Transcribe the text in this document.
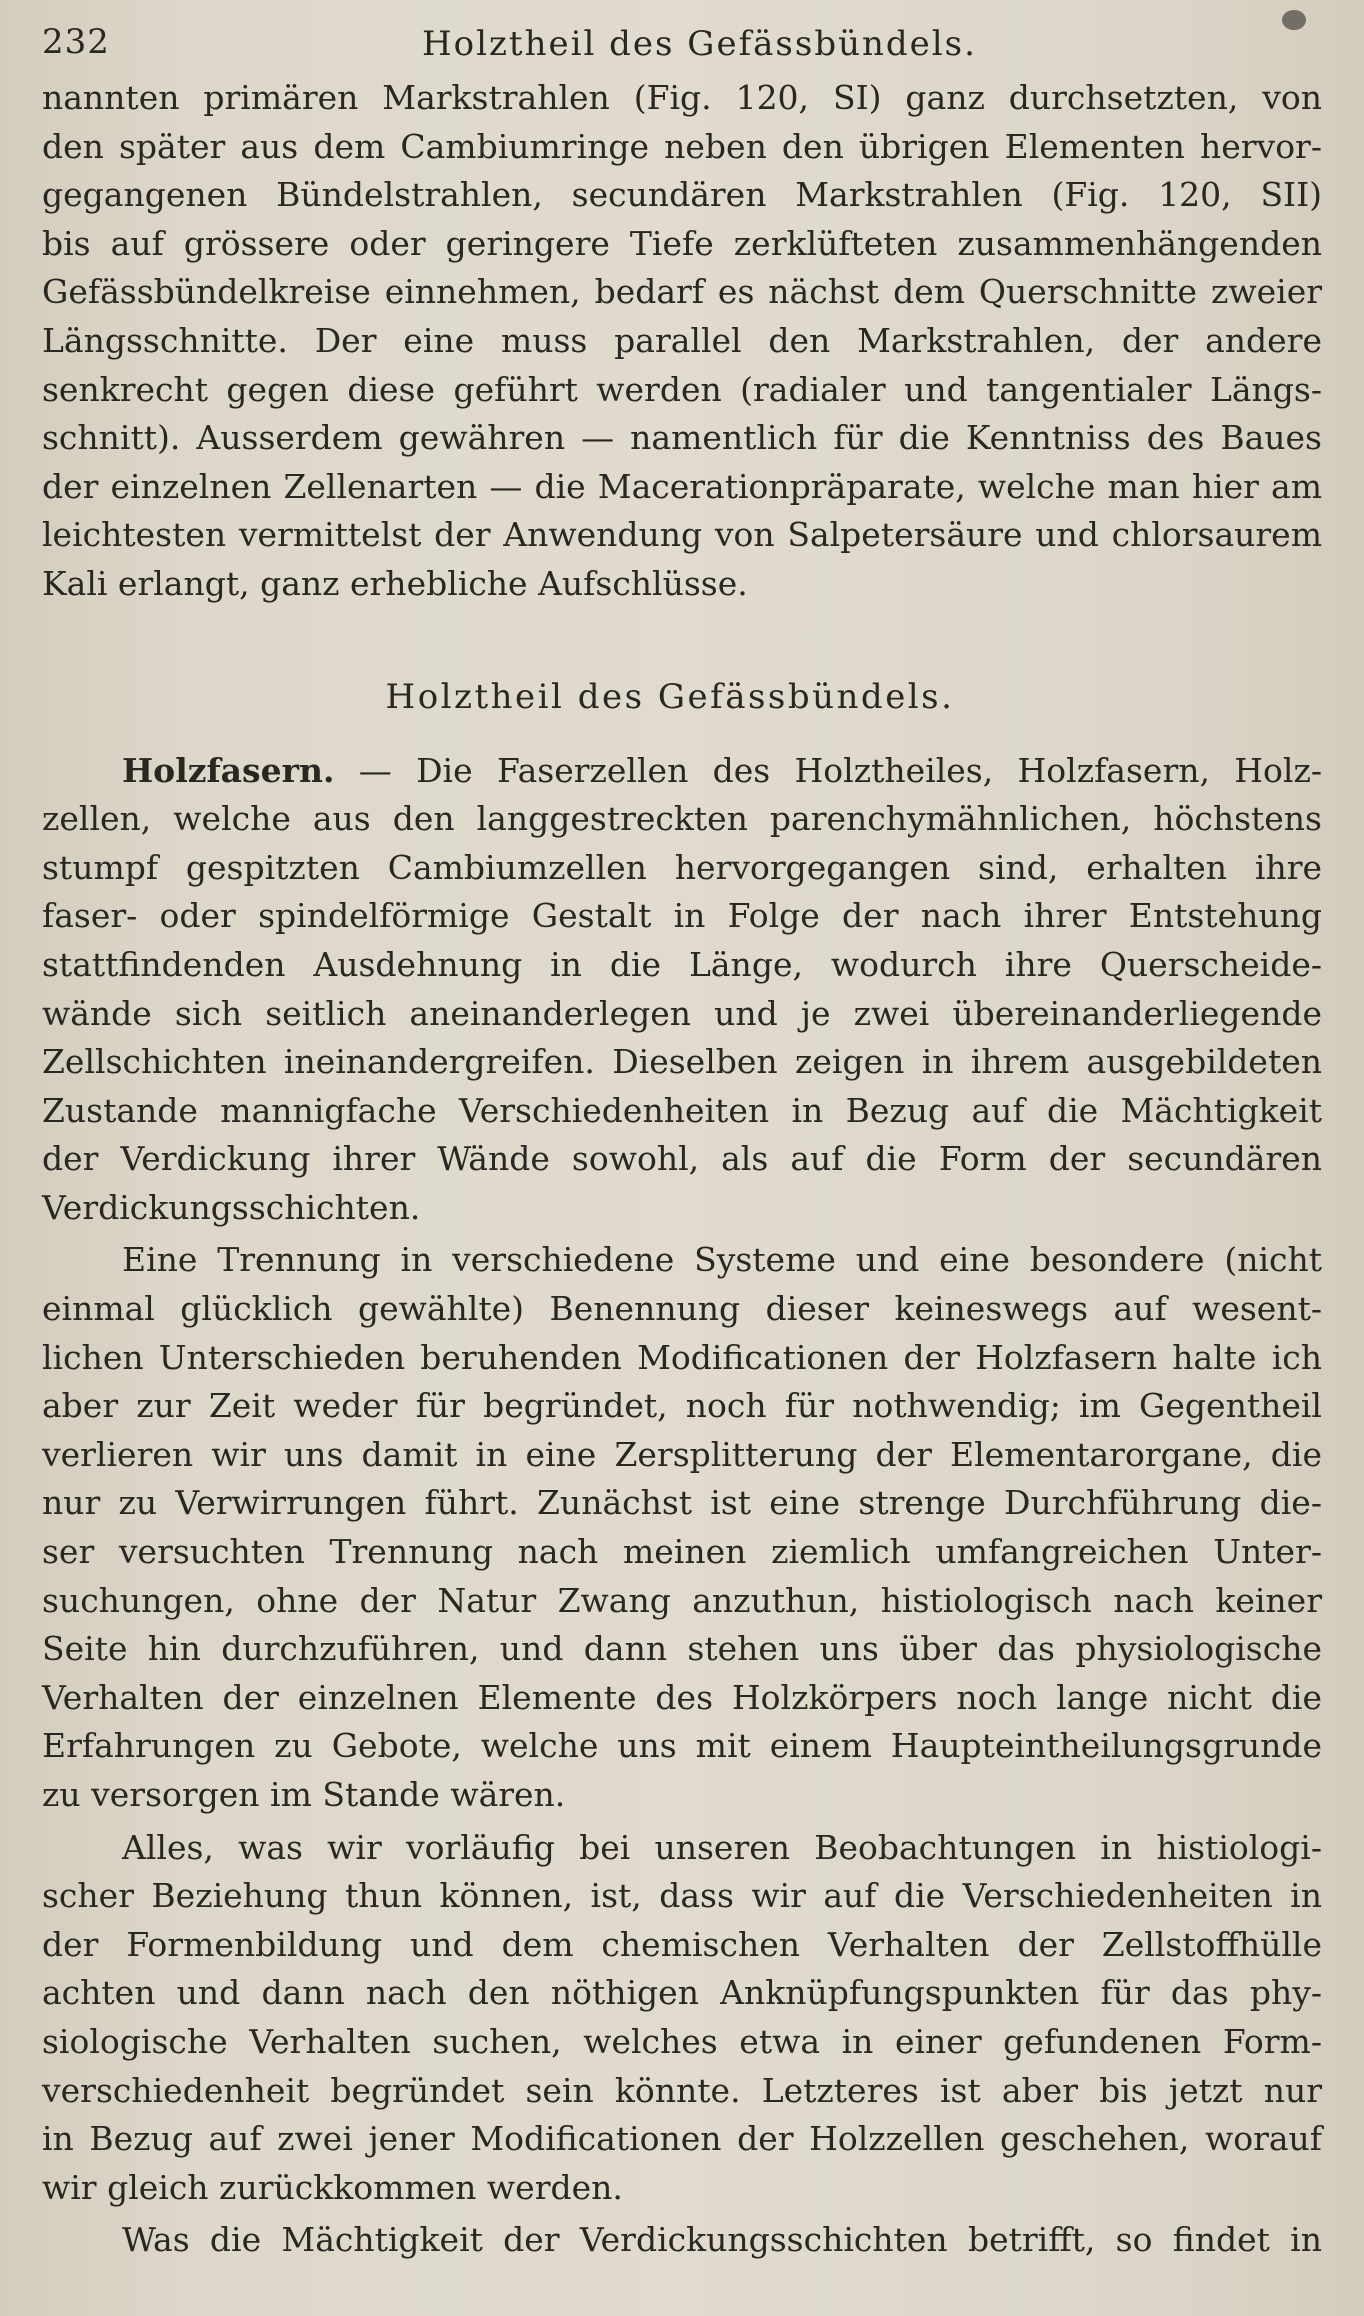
232	Holztheil des Gefässbündels.
nannten primären Markstrahlen (Fig. 120, SI) ganz durchsetzten, von
den später aus dem Cambiumringe neben den übrigen Elementen hervor-
gegangenen Bündelstrahlen, secundären Markstrahlen (Fig. 120, SII)
bis auf grössere oder geringere Tiefe zerklüfteten zusammenhängenden
Gefässbündelkreise einnehmen, bedarf es nächst dem Querschnitte zweier
Längsschnitte. Der eine muss parallel den Markstrahlen, der andere
senkrecht gegen diese geführt werden (radialer und tangentialer Längs-
schnitt). Ausserdem gewähren — namentlich für die Kenntniss des Baues
der einzelnen Zellenarten — die Macerationpräparate, welche man hier am
leichtesten vermittelst der Anwendung von Salpetersäure und chlorsaurem
Kali erlangt, ganz erhebliche Aufschlüsse.
Holztheil des Gefässbündels.
Holzfasern. — Die Faserzellen des Holztheiles, Holzfasern, Holz-
zellen, welche aus den langgestreckten parenchymähnlichen, höchstens
stumpf gespitzten Cambiumzellen hervorgegangen sind, erhalten ihre
faser- oder spindelförmige Gestalt in Folge der nach ihrer Entstehung
stattfindenden Ausdehnung in die Länge, wodurch ihre Querscheide-
wände sich seitlich aneinanderlegen und je zwei übereinanderliegende
Zellschichten ineinandergreifen. Dieselben zeigen in ihrem ausgebildeten
Zustande mannigfache Verschiedenheiten in Bezug auf die Mächtigkeit
der Verdickung ihrer Wände sowohl, als auf die Form der secundären
Verdickungsschichten.
Eine Trennung in verschiedene Systeme und eine besondere (nicht
einmal glücklich gewählte) Benennung dieser keineswegs auf wesent-
lichen Unterschieden beruhenden Modificationen der Holzfasern halte ich
aber zur Zeit weder für begründet, noch für nothwendig; im Gegentheil
verlieren wir uns damit in eine Zersplitterung der Elementarorgane, die
nur zu Verwirrungen führt. Zunächst ist eine strenge Durchführung die-
ser versuchten Trennung nach meinen ziemlich umfangreichen Unter-
suchungen, ohne der Natur Zwang anzuthun, histiologisch nach keiner
Seite hin durchzuführen, und dann stehen uns über das physiologische
Verhalten der einzelnen Elemente des Holzkörpers noch lange nicht die
Erfahrungen zu Gebote, welche uns mit einem Haupteintheilungsgrunde
zu versorgen im Stande wären.
Alles, was wir vorläufig bei unseren Beobachtungen in histiologi-
scher Beziehung thun können, ist, dass wir auf die Verschiedenheiten in
der Formenbildung und dem chemischen Verhalten der Zellstoffhülle
achten und dann nach den nöthigen Anknüpfungspunkten für das phy-
siologische Verhalten suchen, welches etwa in einer gefundenen Form-
verschiedenheit begründet sein könnte. Letzteres ist aber bis jetzt nur
in Bezug auf zwei jener Modificationen der Holzzellen geschehen, worauf
wir gleich zurückkommen werden.
Was die Mächtigkeit der Verdickungsschichten betrifft, so findet in
